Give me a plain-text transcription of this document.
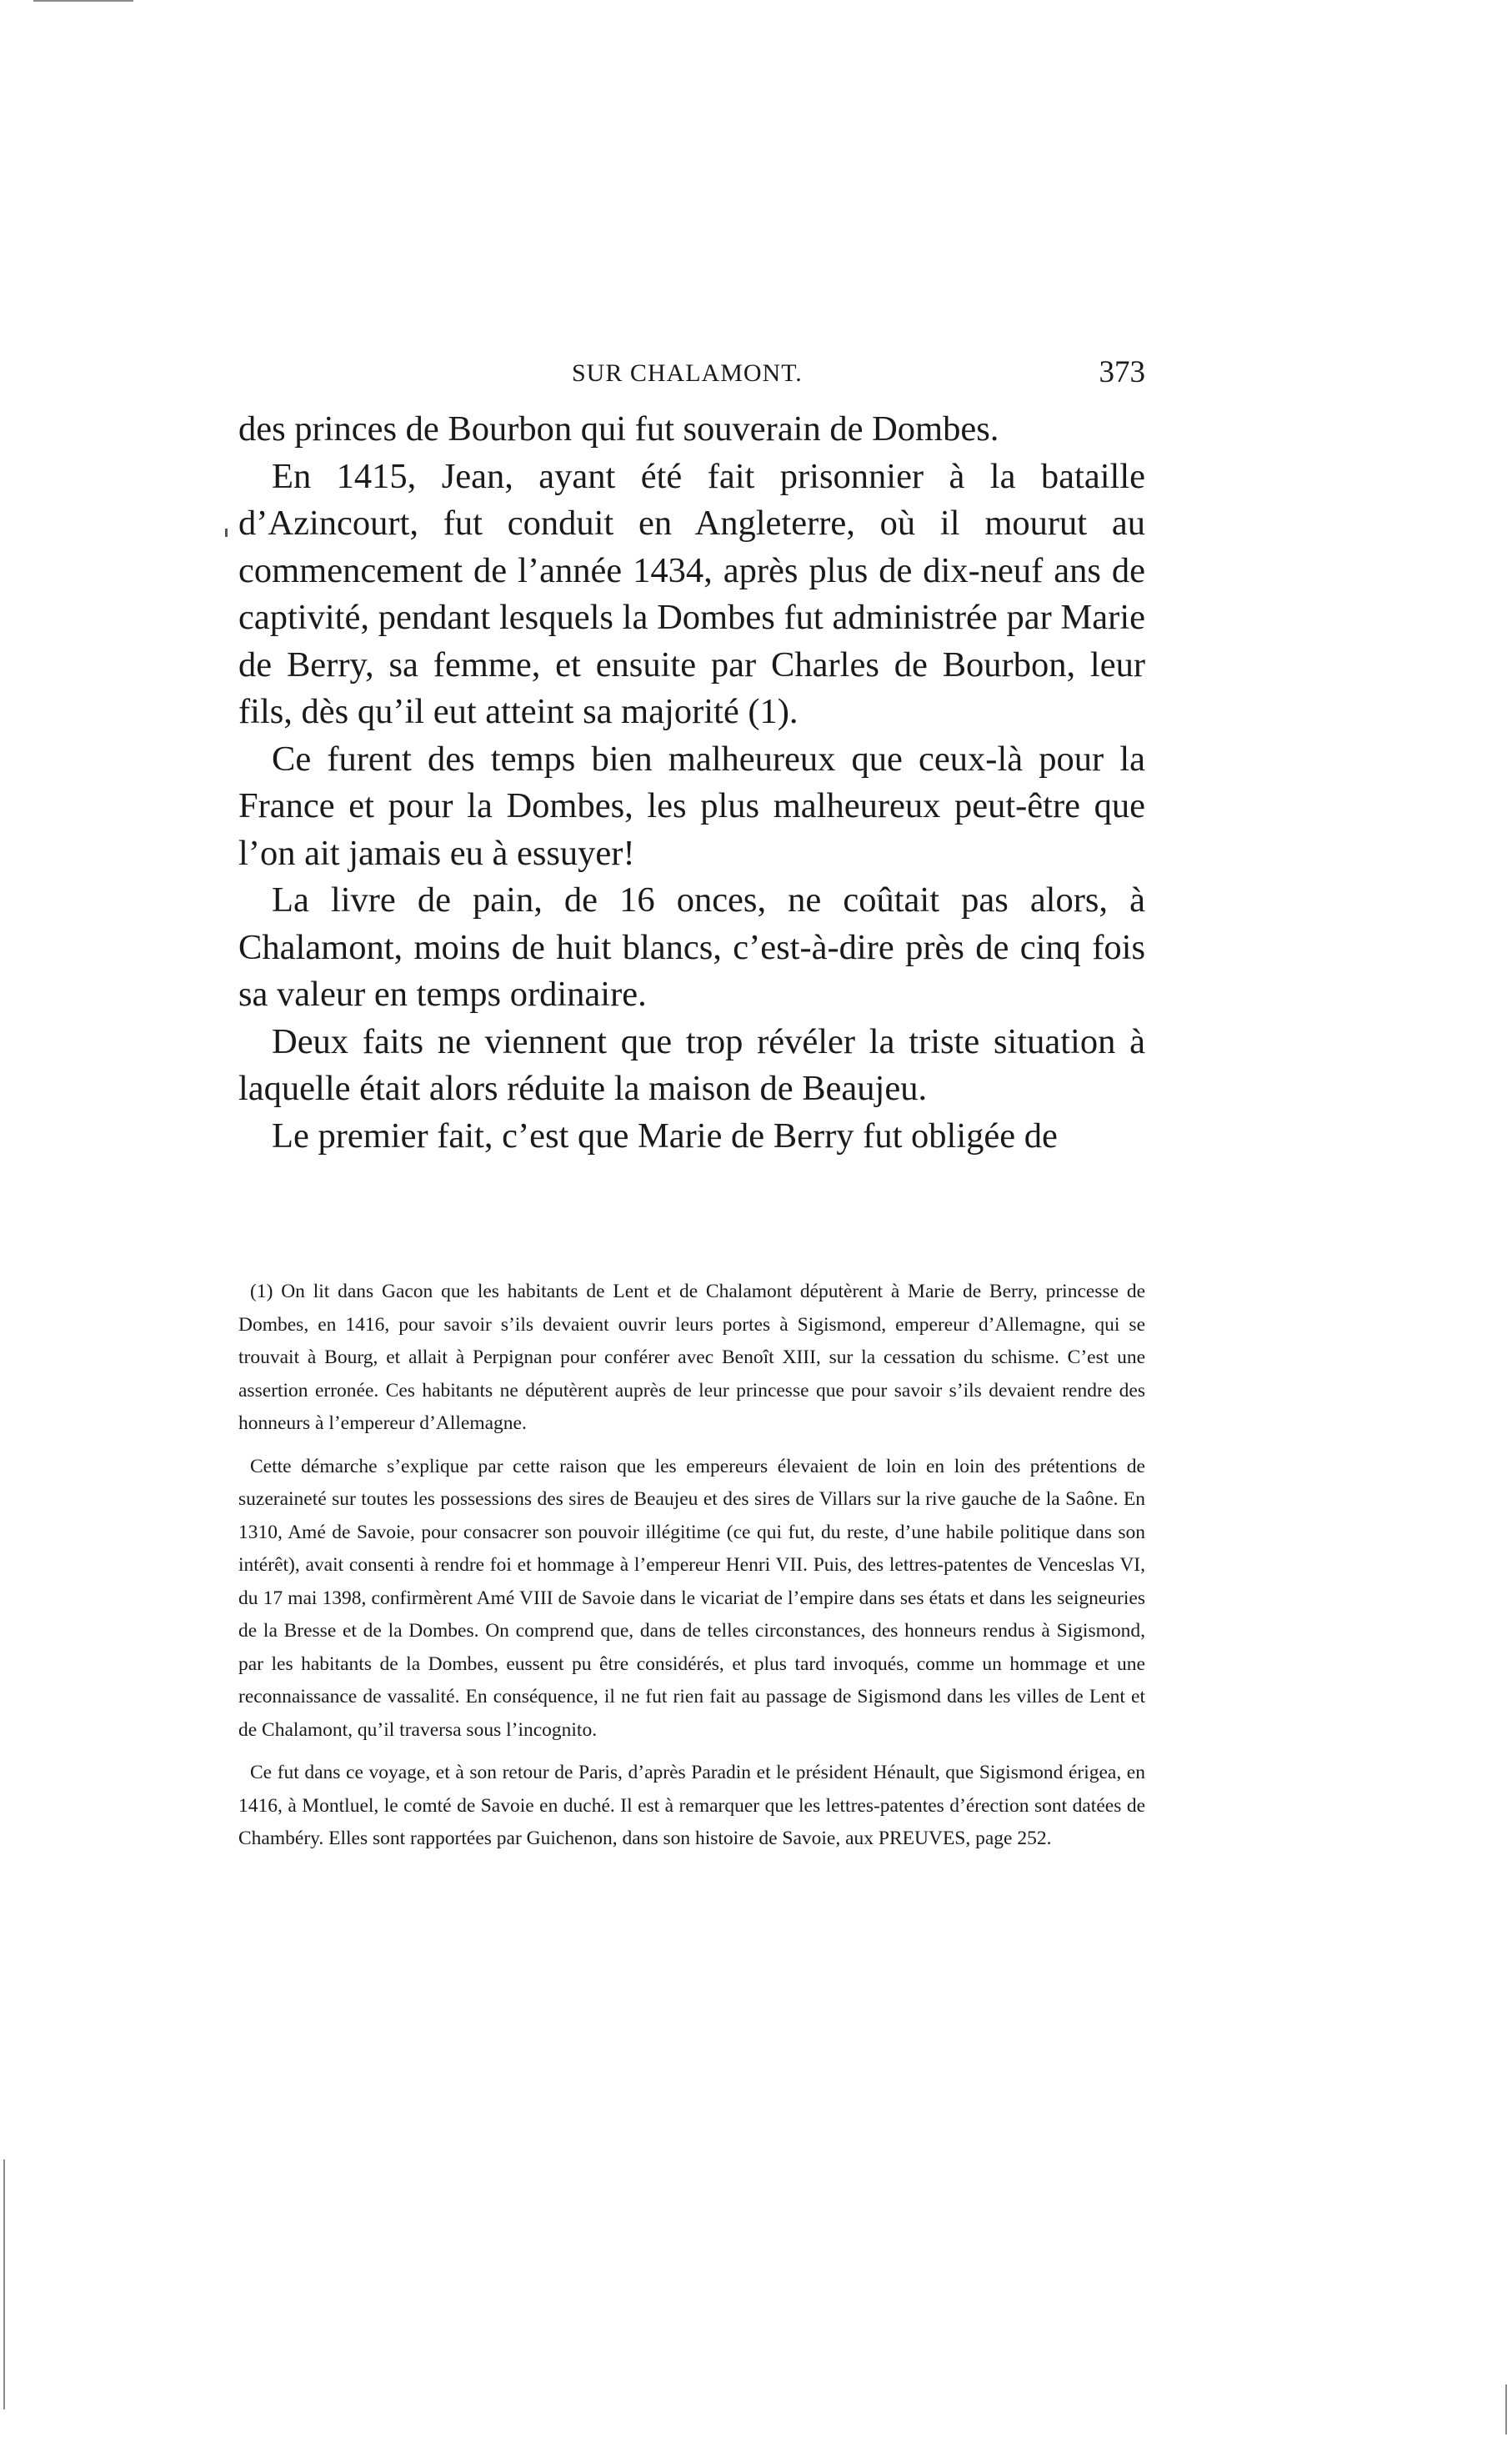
SUR CHALAMONT.	373

des princes de Bourbon qui fut souverain de Dombes.

En 1415, Jean, ayant été fait prisonnier à la bataille d’Azincourt, fut conduit en Angleterre, où il mourut au commencement de l’année 1434, après plus de dix-neuf ans de captivité, pendant lesquels la Dombes fut administrée par Marie de Berry, sa femme, et ensuite par Charles de Bourbon, leur fils, dès qu’il eut atteint sa majorité (1).

Ce furent des temps bien malheureux que ceux-là pour la France et pour la Dombes, les plus malheureux peut-être que l’on ait jamais eu à essuyer!

La livre de pain, de 16 onces, ne coûtait pas alors, à Chalamont, moins de huit blancs, c’est-à-dire près de cinq fois sa valeur en temps ordinaire.

Deux faits ne viennent que trop révéler la triste situation à laquelle était alors réduite la maison de Beaujeu.

Le premier fait, c’est que Marie de Berry fut obligée de

(1) On lit dans Gacon que les habitants de Lent et de Chalamont députèrent à Marie de Berry, princesse de Dombes, en 1416, pour savoir s’ils devaient ouvrir leurs portes à Sigismond, empereur d’Allemagne, qui se trouvait à Bourg, et allait à Perpignan pour conférer avec Benoît XIII, sur la cessation du schisme. C’est une assertion erronée. Ces habitants ne députèrent auprès de leur princesse que pour savoir s’ils devaient rendre des honneurs à l’empereur d’Allemagne.

Cette démarche s’explique par cette raison que les empereurs élevaient de loin en loin des prétentions de suzeraineté sur toutes les possessions des sires de Beaujeu et des sires de Villars sur la rive gauche de la Saône. En 1310, Amé de Savoie, pour consacrer son pouvoir illégitime (ce qui fut, du reste, d’une habile politique dans son intérêt), avait consenti à rendre foi et hommage à l’empereur Henri VII. Puis, des lettres-patentes de Venceslas VI, du 17 mai 1398, confirmèrent Amé VIII de Savoie dans le vicariat de l’empire dans ses états et dans les seigneuries de la Bresse et de la Dombes. On comprend que, dans de telles circonstances, des honneurs rendus à Sigismond, par les habitants de la Dombes, eussent pu être considérés, et plus tard invoqués, comme un hommage et une reconnaissance de vassalité. En conséquence, il ne fut rien fait au passage de Sigismond dans les villes de Lent et de Chalamont, qu’il traversa sous l’incognito.

Ce fut dans ce voyage, et à son retour de Paris, d’après Paradin et le président Hénault, que Sigismond érigea, en 1416, à Montluel, le comté de Savoie en duché. Il est à remarquer que les lettres-patentes d’érection sont datées de Chambéry. Elles sont rapportées par Guichenon, dans son histoire de Savoie, aux PREUVES, page 252.
